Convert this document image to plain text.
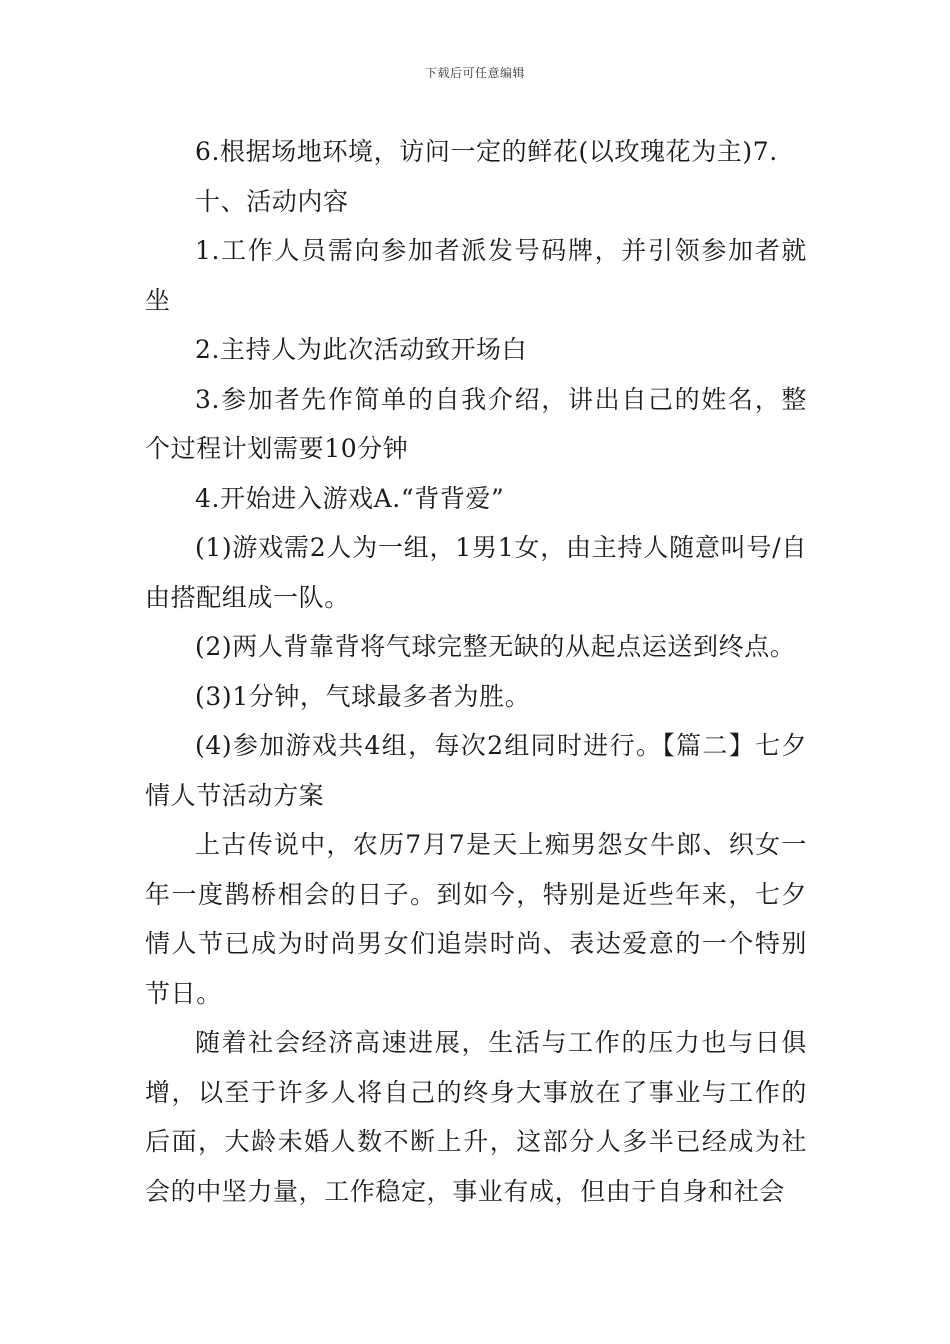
下载后可任意编辑

6.根据场地环境，访问一定的鲜花(以玫瑰花为主)7.

十、活动内容

1.工作人员需向参加者派发号码牌，并引领参加者就坐

2.主持人为此次活动致开场白

3.参加者先作简单的自我介绍，讲出自己的姓名，整个过程计划需要10分钟

4.开始进入游戏A.“背背爱”

(1)游戏需2人为一组，1男1女，由主持人随意叫号/自由搭配组成一队。

(2)两人背靠背将气球完整无缺的从起点运送到终点。

(3)1分钟，气球最多者为胜。

(4)参加游戏共4组，每次2组同时进行。【篇二】七夕情人节活动方案

上古传说中，农历7月7是天上痴男怨女牛郎、织女一年一度鹊桥相会的日子。到如今，特别是近些年来，七夕情人节已成为时尚男女们追崇时尚、表达爱意的一个特别节日。

随着社会经济高速进展，生活与工作的压力也与日俱增，以至于许多人将自己的终身大事放在了事业与工作的后面，大龄未婚人数不断上升，这部分人多半已经成为社会的中坚力量，工作稳定，事业有成，但由于自身和社会
